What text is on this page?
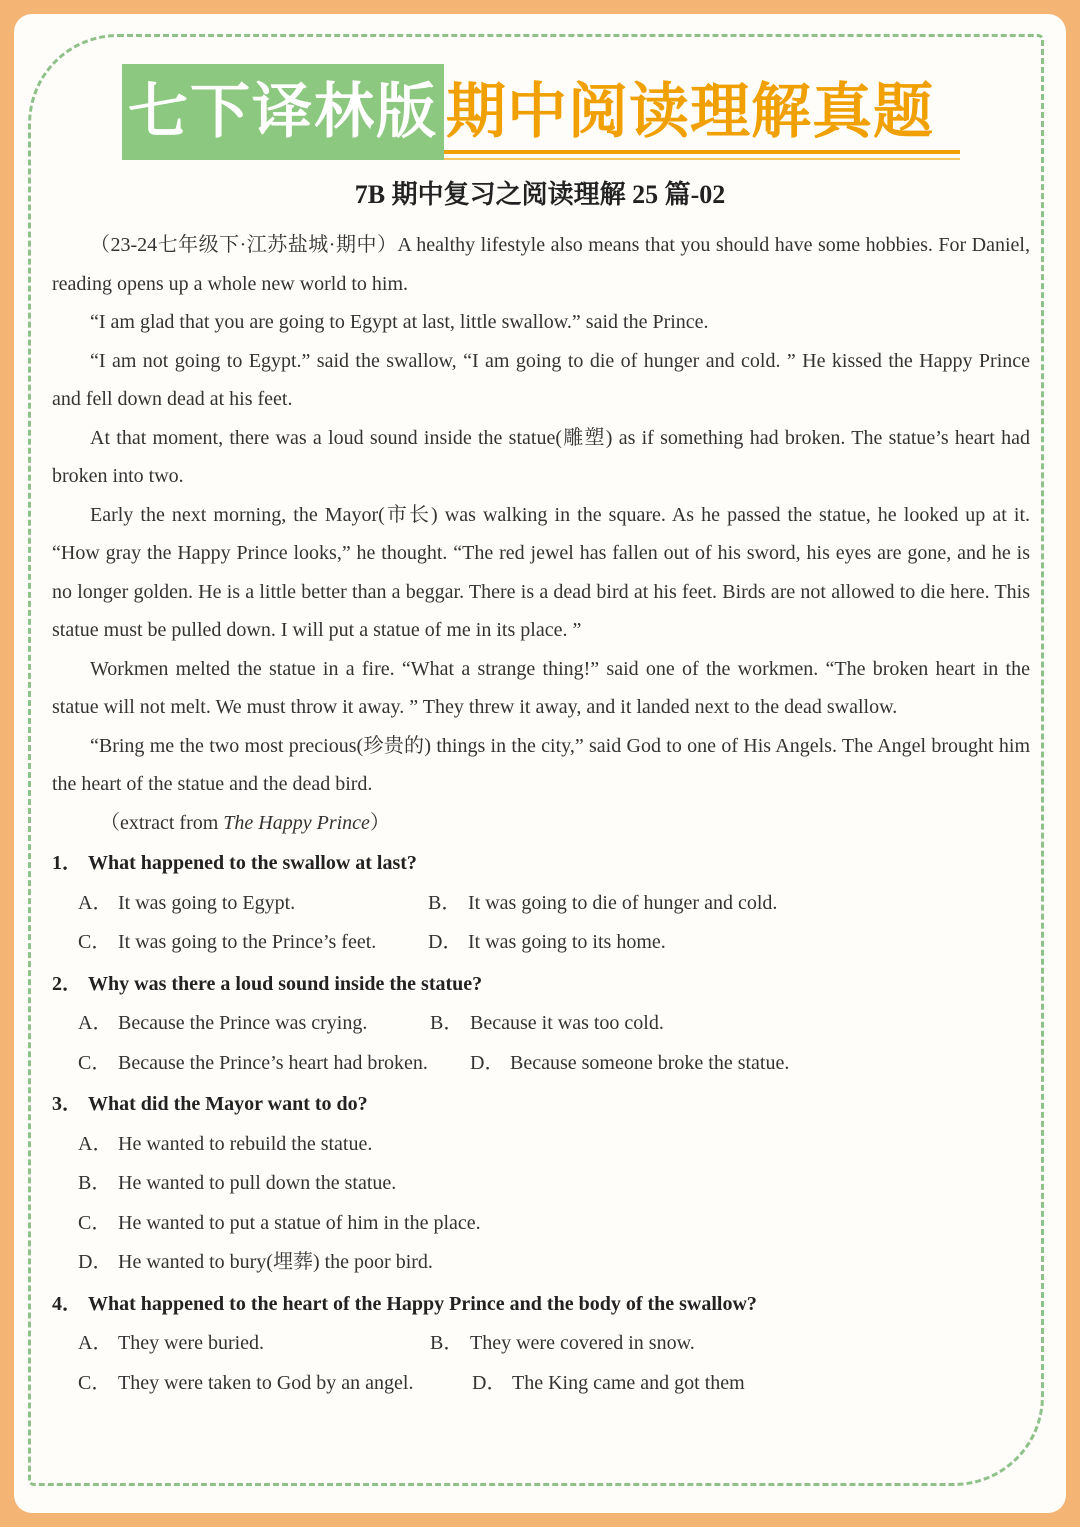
七下译林版 期中阅读理解真题
7B 期中复习之阅读理解 25 篇-02

（23-24七年级下·江苏盐城·期中）A healthy lifestyle also means that you should have some hobbies. For Daniel, reading opens up a whole new world to him.

“I am glad that you are going to Egypt at last, little swallow.” said the Prince.

“I am not going to Egypt.” said the swallow, “I am going to die of hunger and cold. ” He kissed the Happy Prince and fell down dead at his feet.

At that moment, there was a loud sound inside the statue(雕塑) as if something had broken. The statue’s heart had broken into two.

Early the next morning, the Mayor(市长) was walking in the square. As he passed the statue, he looked up at it. “How gray the Happy Prince looks,” he thought. “The red jewel has fallen out of his sword, his eyes are gone, and he is no longer golden. He is a little better than a beggar. There is a dead bird at his feet. Birds are not allowed to die here. This statue must be pulled down. I will put a statue of me in its place. ”

Workmen melted the statue in a fire. “What a strange thing!” said one of the workmen. “The broken heart in the statue will not melt. We must throw it away. ” They threw it away, and it landed next to the dead swallow.

“Bring me the two most precious(珍贵的) things in the city,” said God to one of His Angels. The Angel brought him the heart of the statue and the dead bird.

（extract from The Happy Prince）

1． What happened to the swallow at last?
A． It was going to Egypt.	B． It was going to die of hunger and cold.
C． It was going to the Prince’s feet.	D． It was going to its home.
2． Why was there a loud sound inside the statue?
A． Because the Prince was crying.	B． Because it was too cold.
C． Because the Prince’s heart had broken. D． Because someone broke the statue.
3． What did the Mayor want to do?
A． He wanted to rebuild the statue.
B． He wanted to pull down the statue.
C． He wanted to put a statue of him in the place.
D． He wanted to bury(埋葬) the poor bird.
4． What happened to the heart of the Happy Prince and the body of the swallow?
A． They were buried.	B． They were covered in snow.
C． They were taken to God by an angel.	D． The King came and got them
